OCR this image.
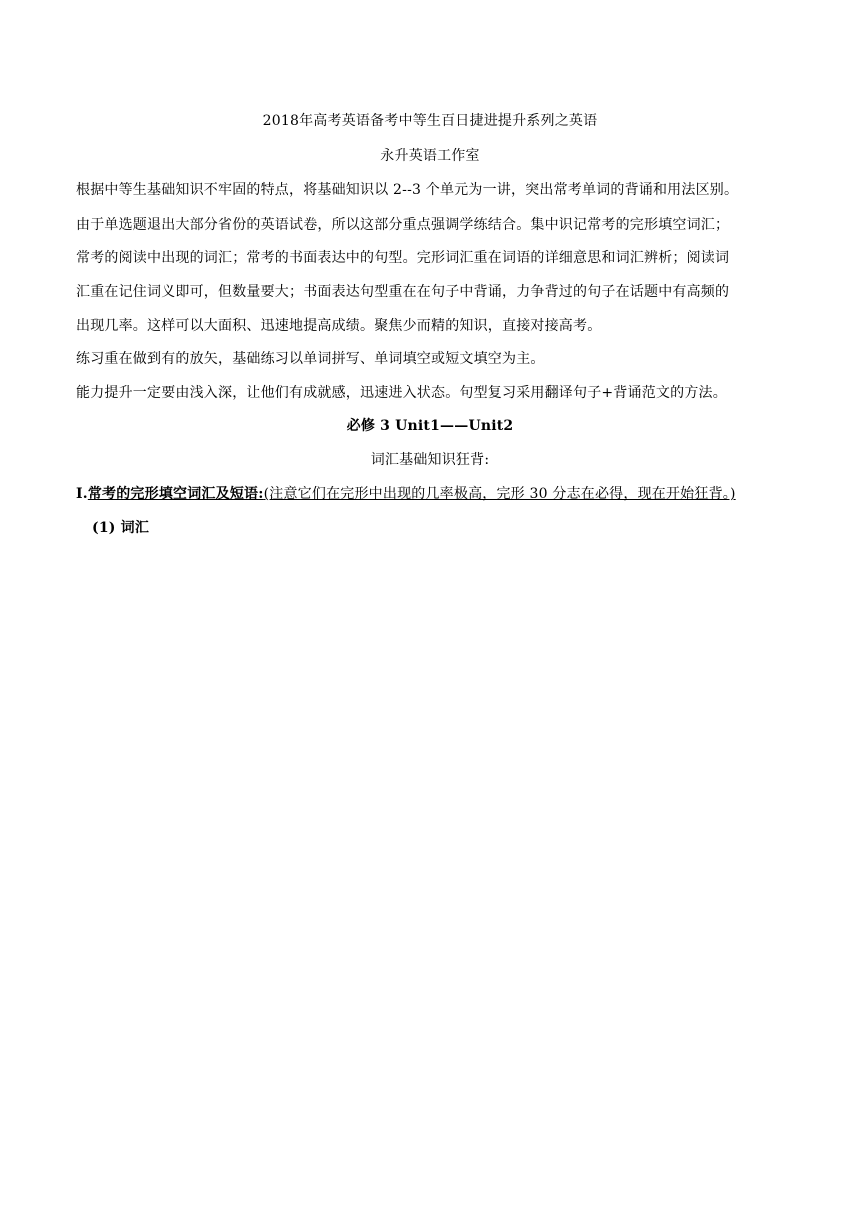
2018年高考英语备考中等生百日捷进提升系列之英语
永升英语工作室
根据中等生基础知识不牢固的特点，将基础知识以 2--3 个单元为一讲，突出常考单词的背诵和用法区别。
由于单选题退出大部分省份的英语试卷，所以这部分重点强调学练结合。集中识记常考的完形填空词汇；
常考的阅读中出现的词汇；常考的书面表达中的句型。完形词汇重在词语的详细意思和词汇辨析；阅读词
汇重在记住词义即可，但数量要大；书面表达句型重在在句子中背诵，力争背过的句子在话题中有高频的
出现几率。这样可以大面积、迅速地提高成绩。聚焦少而精的知识，直接对接高考。
练习重在做到有的放矢，基础练习以单词拼写、单词填空或短文填空为主。
能力提升一定要由浅入深，让他们有成就感，迅速进入状态。句型复习采用翻译句子+背诵范文的方法。
必修 3 Unit1——Unit2
词汇基础知识狂背:
I.常考的完形填空词汇及短语:(注意它们在完形中出现的几率极高，完形 30 分志在必得，现在开始狂背。)
(1) 词汇
